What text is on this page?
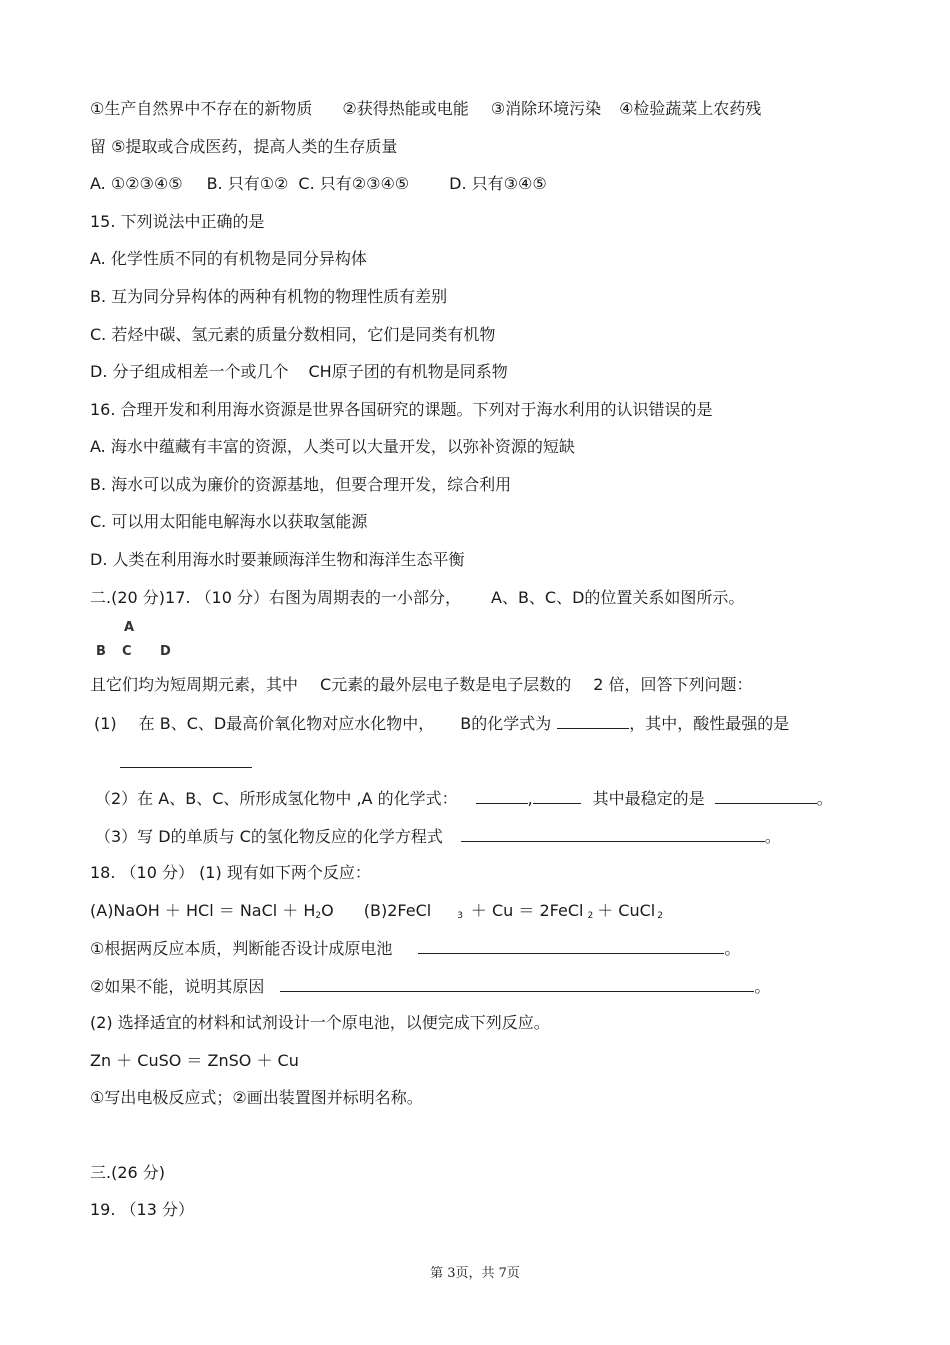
①生产自然界中不存在的新物质 ②获得热能或电能 ③消除环境污染 ④检验蔬菜上农药残
留 ⑤提取或合成医药，提高人类的生存质量
A. ①②③④⑤ B. 只有①② C. 只有②③④⑤	D. 只有③④⑤
15. 下列说法中正确的是
A. 化学性质不同的有机物是同分异构体
B. 互为同分异构体的两种有机物的物理性质有差别
C. 若烃中碳、氢元素的质量分数相同，它们是同类有机物
D. 分子组成相差一个或几个 CH原子团的有机物是同系物
16. 合理开发和利用海水资源是世界各国研究的课题。下列对于海水利用的认识错误的是
A. 海水中蕴藏有丰富的资源，人类可以大量开发，以弥补资源的短缺
B. 海水可以成为廉价的资源基地，但要合理开发，综合利用
C. 可以用太阳能电解海水以获取氢能源
D. 人类在利用海水时要兼顾海洋生物和海洋生态平衡
二.(20 分)17. （10 分）右图为周期表的一小部分， A、B、C、D的位置关系如图所示。
A
B C D
且它们均为短周期元素，其中 C元素的最外层电子数是电子层数的 2 倍，回答下列问题：
(1) 在 B、C、D最高价氧化物对应水化物中， B的化学式为	，其中，酸性最强的是
（2）在 A、B、C、所形成氢化物中 ,A 的化学式：	,	其中最稳定的是	。
（3）写 D的单质与 C的氢化物反应的化学方程式	。
18. （10 分） (1) 现有如下两个反应：
(A)NaOH ＋ HCl ＝ NaCl ＋ H2O (B)2FeCl	3 ＋ Cu ＝ 2FeCl 2 ＋ CuCl 2
①根据两反应本质，判断能否设计成原电池	。
②如果不能，说明其原因	。
(2) 选择适宜的材料和试剂设计一个原电池，以便完成下列反应。
Zn ＋ CuSO ＝ ZnSO ＋ Cu
①写出电极反应式；②画出装置图并标明名称。
三.(26 分)
19. （13 分）
第 3页，共 7页
